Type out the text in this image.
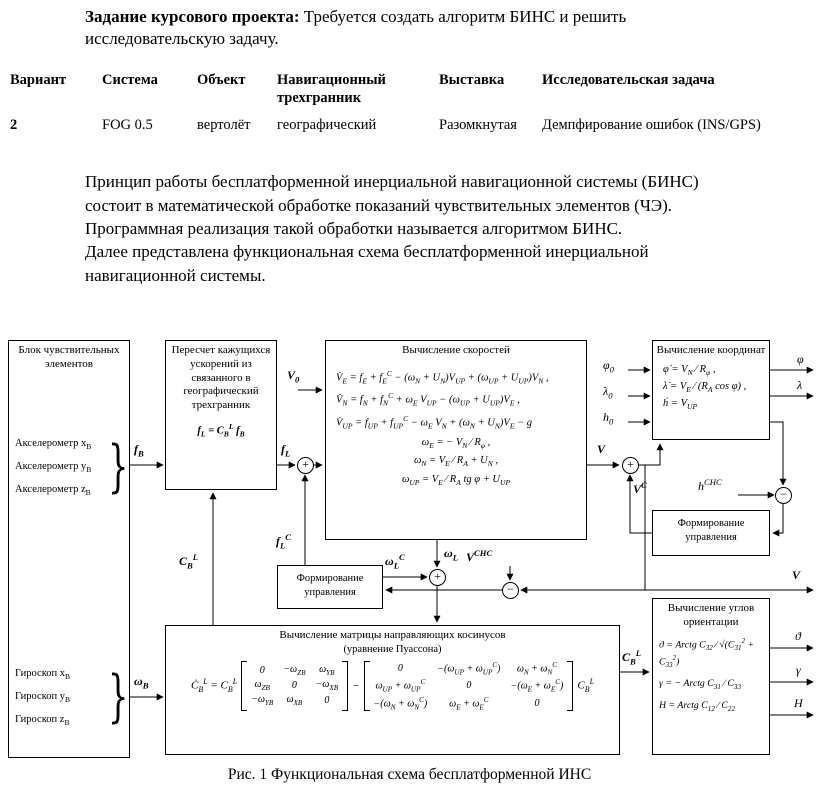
Задание курсового проекта: Требуется создать алгоритм БИНС и решить исследовательскую задачу.

Вариант	Система	Объект	Навигационный трехгранник	Выставка	Исследовательская задача
2	FOG 0.5	вертолёт	географический	Разомкнутая	Демпфирование ошибок (INS/GPS)

Принцип работы бесплатформенной инерциальной навигационной системы (БИНС) состоит в математической обработке показаний чувствительных элементов (ЧЭ). Программная реализация такой обработки называется алгоритмом БИНС.

Далее представлена функциональная схема бесплатформенной инерциальной навигационной системы.

Блок чувствительных элементов
Акселерометр $x_B$
Акселерометр $y_B$
Акселерометр $z_B$ }
Гироскоп $x_B$
Гироскоп $y_B$
Гироскоп $z_B$ }
Пересчет кажущихся ускорений из связанного в географический трехгранник
$f_L = C_B^L$ $f_B$
Вычисление скоростей
$V̇_E = f_E + f_E^C - (\omega_N + U_N)V_{UP} + (\omega_{UP} + U_{UP})V_N$ ,
$V̇_N = f_N + f_N^C + \omega_E$ $V_{UP} - (\omega_{UP} + U_{UP})V_E$ ,
$V̇_{UP} = f_{UP} + f_{UP}^C - \omega_E$ $V_N + (\omega_N + U_N)V_E - g$
$\omega_E$ = − $V_N$ ∕ $R_\varphi$ ,
$\omega_N = V_E$ ∕ $R_A + U_N$ ,
$\omega_{UP} = V_E$ ∕ $R_A$ tg $\varphi + U_{UP}$
Вычисление координат
φ̇ = $V_N$ ∕ $R_\varphi$ ,
λ̇ = $V_E$ ∕ ($R_A$ cos φ) ,
ḣ = $V_{UP}$
Формирование управления
Формирование управления
Вычисление матрицы направляющих косинусов
(уравнение Пуассона)
$Ċ_B^L = C_B^L$
0	$-\omega_{ZB}$	$\omega_{YB}$
$\omega_{ZB}$	0	$-\omega_{XB}$
$-\omega_{YB}$	$\omega_{XB}$	0
−
0	$-(\omega_{UP} + \omega_{UP}^C)$	$\omega_N + \omega_N^C$
$\omega_{UP} + \omega_{UP}^C$	0	$-(\omega_E + \omega_E^C)$
$-(\omega_N + \omega_N^C)$	$\omega_E + \omega_E^C$	0
$C_B^L$
Вычисление углов ориентации
ϑ = Arctg $C_{32}$ ∕ $√(C_{31}^2 + C_{33}^2)$
γ = − Arctg $C_{31}$ ∕ $C_{33}$
H = Arctg $C_{12}$ ∕ $C_{22}$
+	+
+
−
−
$f_B$	$f_L$
$V_0$
V
$\varphi_0$
$\lambda_0$
$h_0$
φ
λ
$V^C$	$h^{СНС}$
$V^{СНС}$
$\omega_L^C$	$\omega_L$
$f_L^C$
$C_B^L$
$\omega_B$
$C_B^L$
V
ϑ
γ
H

Рис. 1 Функциональная схема бесплатформенной ИНС
